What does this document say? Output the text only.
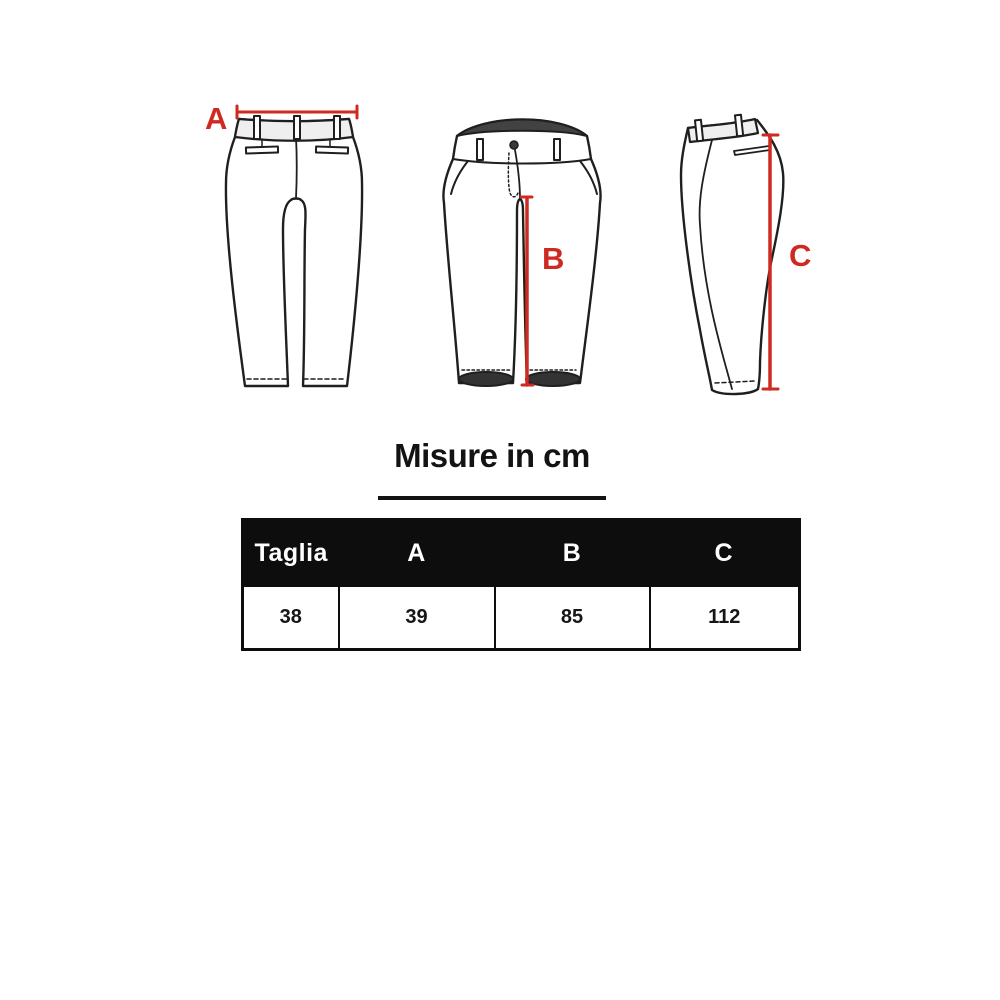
A
B	C
Misure in cm
Taglia	A	B	C
38	39	85	112
